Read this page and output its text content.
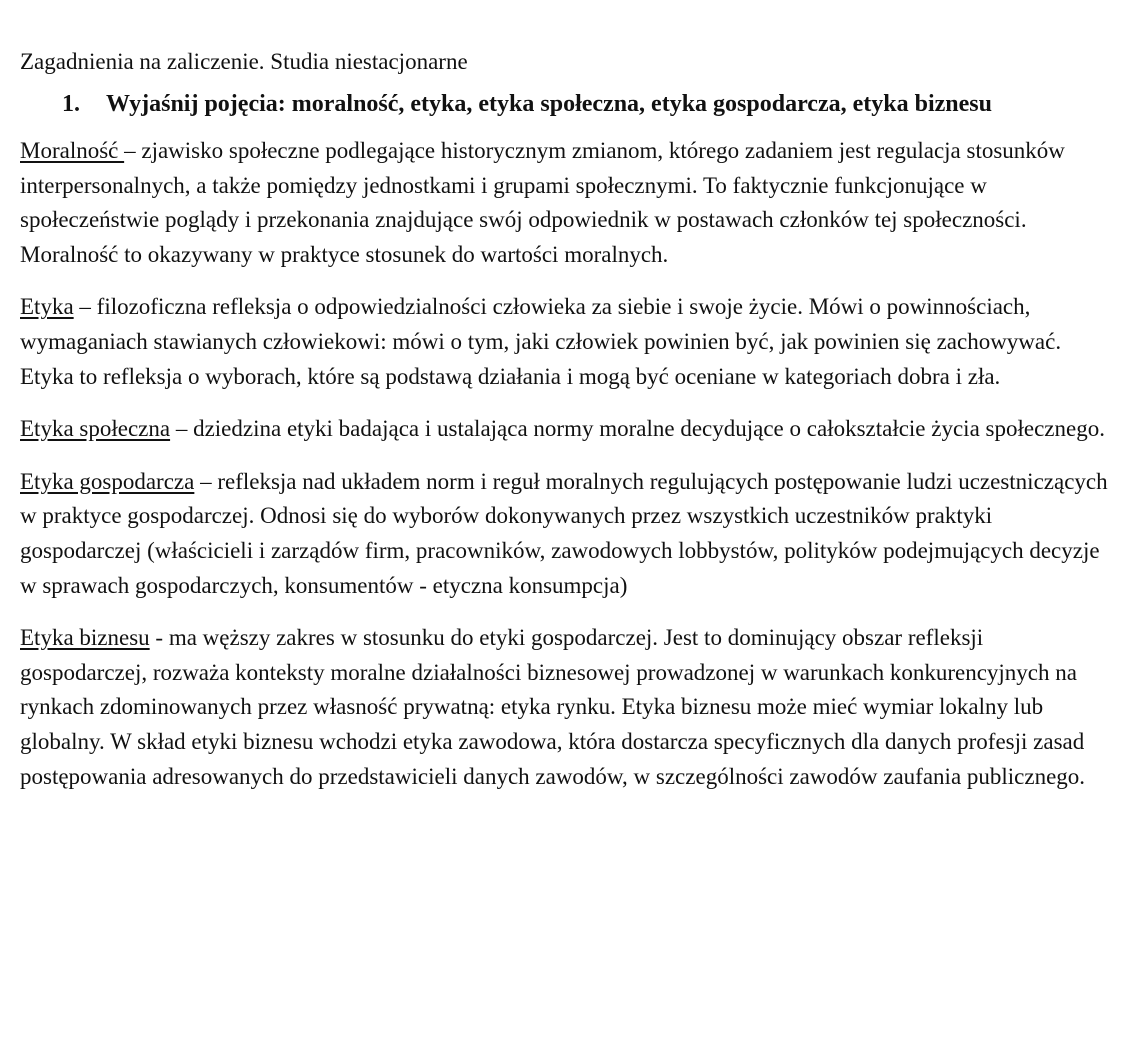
Zagadnienia na zaliczenie. Studia niestacjonarne
1.	Wyjaśnij pojęcia: moralność, etyka, etyka społeczna, etyka gospodarcza, etyka biznesu

Moralność – zjawisko społeczne podlegające historycznym zmianom, którego zadaniem jest regulacja stosunków interpersonalnych, a także pomiędzy jednostkami i grupami społecznymi. To faktycznie funkcjonujące w społeczeństwie poglądy i przekonania znajdujące swój odpowiednik w postawach członków tej społeczności. Moralność to okazywany w praktyce stosunek do wartości moralnych.

Etyka – filozoficzna refleksja o odpowiedzialności człowieka za siebie i swoje życie. Mówi o powinnościach, wymaganiach stawianych człowiekowi: mówi o tym, jaki człowiek powinien być, jak powinien się zachowywać. Etyka to refleksja o wyborach, które są podstawą działania i mogą być oceniane w kategoriach dobra i zła.

Etyka społeczna – dziedzina etyki badająca i ustalająca normy moralne decydujące o całokształcie życia społecznego.

Etyka gospodarcza – refleksja nad układem norm i reguł moralnych regulujących postępowanie ludzi uczestniczących w praktyce gospodarczej. Odnosi się do wyborów dokonywanych przez wszystkich uczestników praktyki gospodarczej (właścicieli i zarządów firm, pracowników, zawodowych lobbystów, polityków podejmujących decyzje w sprawach gospodarczych, konsumentów - etyczna konsumpcja)

Etyka biznesu - ma węższy zakres w stosunku do etyki gospodarczej. Jest to dominujący obszar refleksji gospodarczej, rozważa konteksty moralne działalności biznesowej prowadzonej w warunkach konkurencyjnych na rynkach zdominowanych przez własność prywatną: etyka rynku. Etyka biznesu może mieć wymiar lokalny lub globalny. W skład etyki biznesu wchodzi etyka zawodowa, która dostarcza specyficznych dla danych profesji zasad postępowania adresowanych do przedstawicieli danych zawodów, w szczególności zawodów zaufania publicznego.
